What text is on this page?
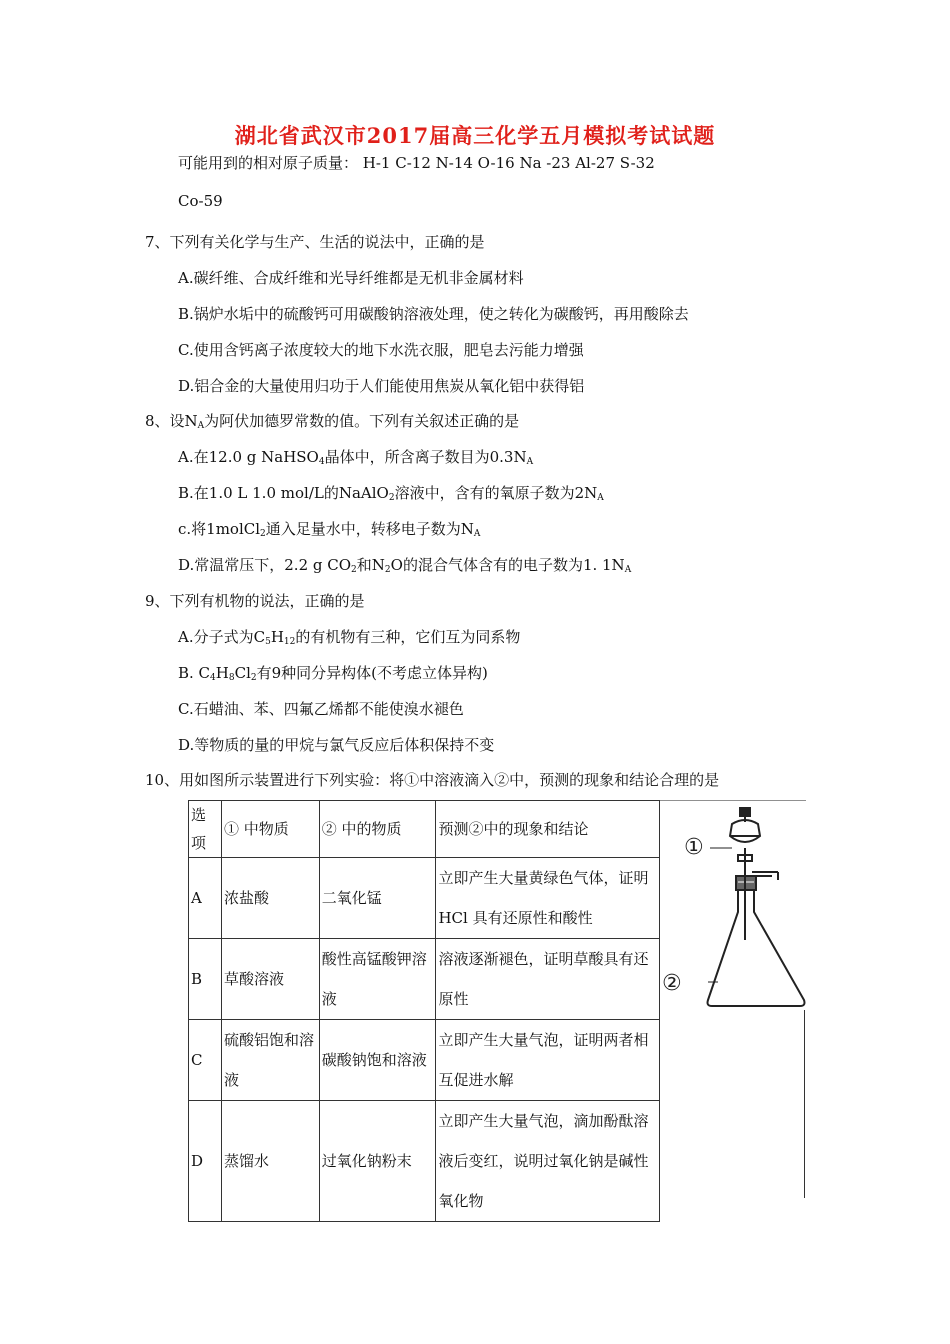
湖北省武汉市2017届高三化学五月模拟考试试题
可能用到的相对原子质量： H-1 C-12 N-14 O-16 Na -23 Al-27 S-32
Co-59
7、下列有关化学与生产、生活的说法中，正确的是
A.碳纤维、合成纤维和光导纤维都是无机非金属材料
B.锅炉水垢中的硫酸钙可用碳酸钠溶液处理，使之转化为碳酸钙，再用酸除去
C.使用含钙离子浓度较大的地下水洗衣服，肥皂去污能力增强
D.铝合金的大量使用归功于人们能使用焦炭从氧化铝中获得铝
8、设$N_A$为阿伏加德罗常数的值。下列有关叙述正确的是
A.在12.0 g NaHSO$_4$晶体中，所含离子数目为$0.3N_A$
B.在1.0 L 1.0 mol/L的NaAlO$_2$溶液中，含有的氧原子数为$2N_A$
c.将1molCl$_2$通入足量水中，转移电子数为$N_A$
D.常温常压下，2.2 g $CO_2$和$N_2O$的混合气体含有的电子数为1. $1N_A$
9、下列有机物的说法，正确的是
A.分子式为$C_5H_{12}$的有机物有三种，它们互为同系物
B. $C_4H_8Cl_2$有9种同分异构体(不考虑立体异构)
C.石蜡油、苯、四氟乙烯都不能使溴水褪色
D.等物质的量的甲烷与氯气反应后体积保持不变
10、用如图所示装置进行下列实验：将①中溶液滴入②中，预测的现象和结论合理的是
选项	① 中物质	② 中的物质	预测②中的现象和结论
A	浓盐酸	二氧化锰	立即产生大量黄绿色气体，证明 HCl 具有还原性和酸性
B	草酸溶液	酸性高锰酸钾溶液	溶液逐渐褪色，证明草酸具有还原性
C	硫酸铝饱和溶液	碳酸钠饱和溶液	立即产生大量气泡，证明两者相互促进水解
D	蒸馏水	过氧化钠粉末	立即产生大量气泡，滴加酚酞溶液后变红，说明过氧化钠是碱性氧化物
①
②
